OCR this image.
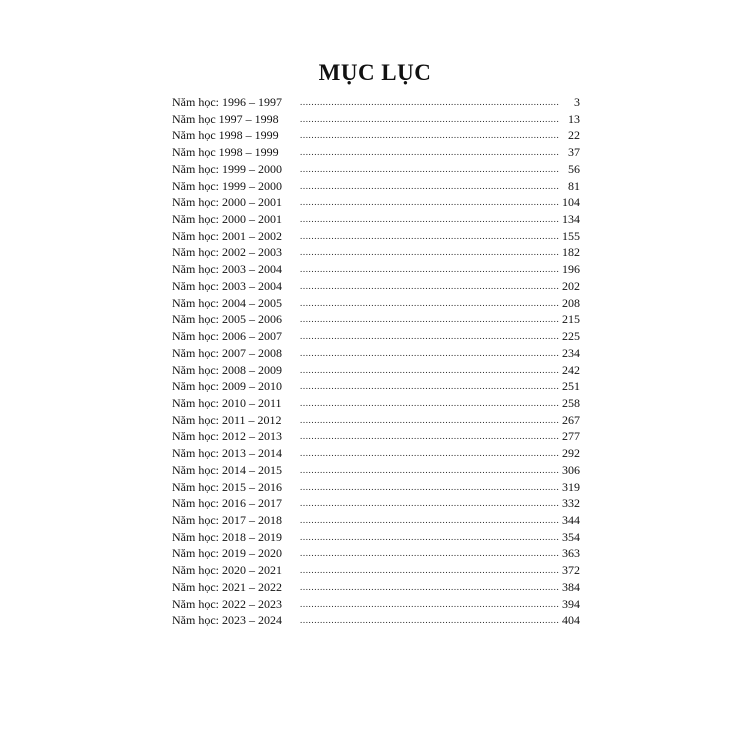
MỤC LỤC
Năm học: 1996 – 1997 .....	3
Năm học 1997 – 1998 .....	13
Năm học 1998 – 1999 .....	22
Năm học 1998 – 1999 .....	37
Năm học: 1999 – 2000 .....	56
Năm học: 1999 – 2000 .....	81
Năm học: 2000 – 2001 .....	104
Năm học: 2000 – 2001 .....	134
Năm học: 2001 – 2002 .....	155
Năm học: 2002 – 2003 .....	182
Năm học: 2003 – 2004 .....	196
Năm học: 2003 – 2004 .....	202
Năm học: 2004 – 2005 .....	208
Năm học: 2005 – 2006 .....	215
Năm học: 2006 – 2007 .....	225
Năm học: 2007 – 2008 .....	234
Năm học: 2008 – 2009 .....	242
Năm học: 2009 – 2010 .....	251
Năm học: 2010 – 2011 .....	258
Năm học: 2011 – 2012 .....	267
Năm học: 2012 – 2013 .....	277
Năm học: 2013 – 2014 .....	292
Năm học: 2014 – 2015 .....	306
Năm học: 2015 – 2016 .....	319
Năm học: 2016 – 2017 .....	332
Năm học: 2017 – 2018 .....	344
Năm học: 2018 – 2019 .....	354
Năm học: 2019 – 2020 .....	363
Năm học: 2020 – 2021 .....	372
Năm học: 2021 – 2022 .....	384
Năm học: 2022 – 2023 .....	394
Năm học: 2023 – 2024 .....	404
